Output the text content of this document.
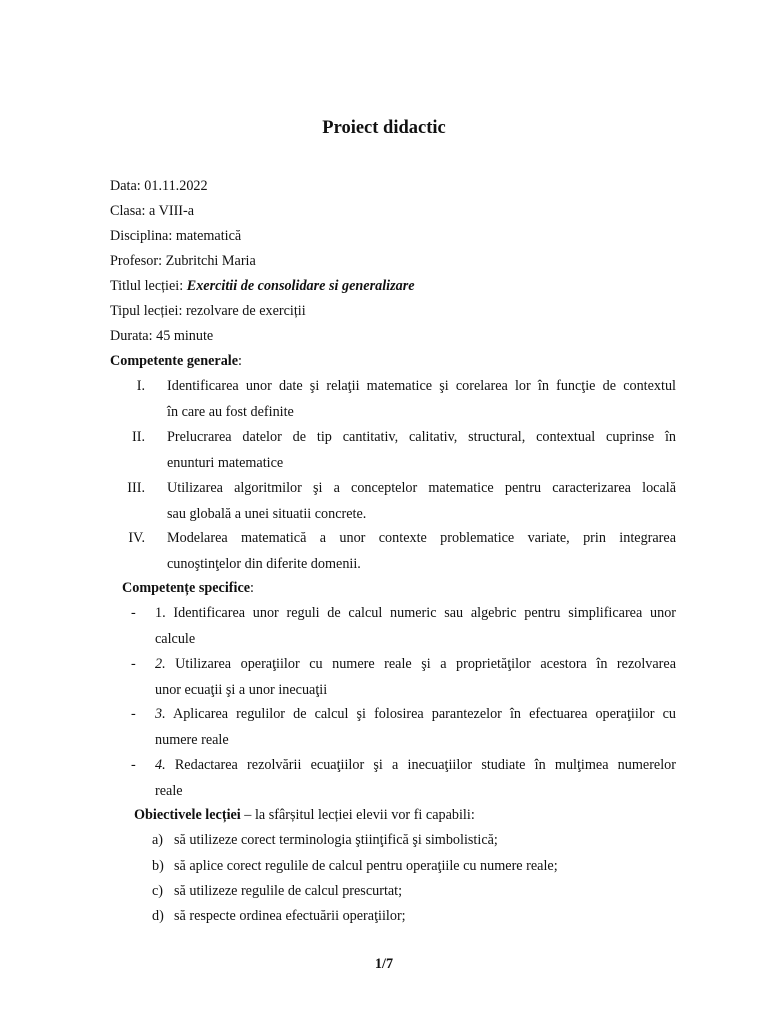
Proiect didactic
Data: 01.11.2022
Clasa: a VIII-a
Disciplina: matematică
Profesor: Zubritchi Maria
Titlul lecției: Exercitii de consolidare si generalizare
Tipul lecției: rezolvare de exerciții
Durata: 45 minute
Competente generale:
I. Identificarea unor date şi relaţii matematice şi corelarea lor în funcţie de contextul
în care au fost definite
II. Prelucrarea datelor de tip cantitativ, calitativ, structural, contextual cuprinse în
enunturi matematice
III. Utilizarea algoritmilor şi a conceptelor matematice pentru caracterizarea locală
sau globală a unei situatii concrete.
IV. Modelarea matematică a unor contexte problematice variate, prin integrarea
cunoştinţelor din diferite domenii.
Competențe specifice:
- 1. Identificarea unor reguli de calcul numeric sau algebric pentru simplificarea unor
calcule
- 2. Utilizarea operaţiilor cu numere reale şi a proprietăţilor acestora în rezolvarea
unor ecuaţii şi a unor inecuaţii
- 3. Aplicarea regulilor de calcul şi folosirea parantezelor în efectuarea operaţiilor cu
numere reale
- 4. Redactarea rezolvării ecuaţiilor şi a inecuaţiilor studiate în mulţimea numerelor
reale
Obiectivele lecției – la sfârșitul lecției elevii vor fi capabili:
a) să utilizeze corect terminologia ştiinţifică şi simbolistică;
b) să aplice corect regulile de calcul pentru operaţiile cu numere reale;
c) să utilizeze regulile de calcul prescurtat;
d) să respecte ordinea efectuării operaţiilor;
1/7
